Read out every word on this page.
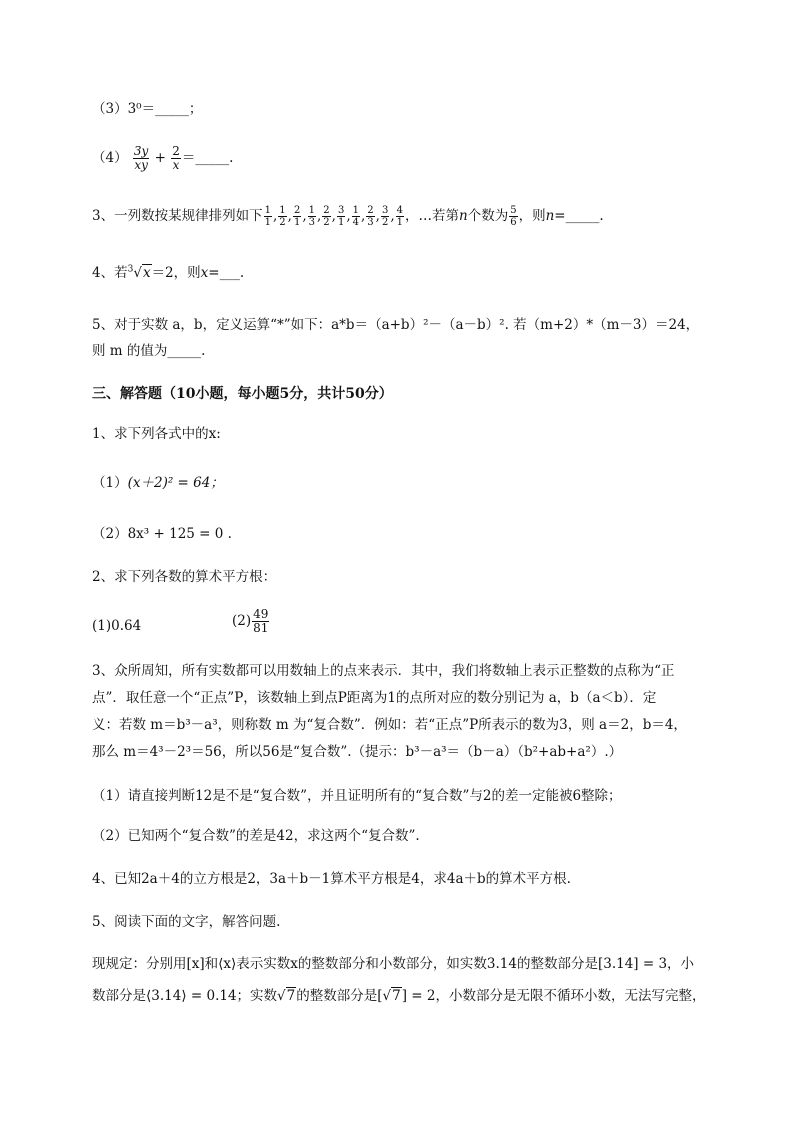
（3）3⁰＝_____；
$(4) \frac{3y}{xy} + \frac{2}{x}$ ＝_____.
3、一列数按某规律排列如下 $\frac{1}{1}$ , $\frac{1}{2}$ , $\frac{2}{1}$ , $\frac{1}{3}$ , $\frac{2}{2}$ , $\frac{3}{1}$ , $\frac{1}{4}$ , $\frac{2}{3}$ , $\frac{3}{2}$ , $\frac{4}{1}$ ，…若第n个数为 $\frac{5}{6}$ ，则n=_____.
4、若$^3$√x＝2，则x=___.
5、对于实数 a，b，定义运算“*”如下：a*b＝（a+b）²－（a－b）². 若（m+2）*（m－3）＝24，
则 m 的值为_____.
三、解答题（10小题，每小题5分，共计50分）
1、求下列各式中的x:
（1）(x＋2)² = 64；
（2）8x³ + 125 = 0 .
2、求下列各数的算术平方根：
(1)0.64	$(2) \frac{49}{81}$
3、众所周知，所有实数都可以用数轴上的点来表示．其中，我们将数轴上表示正整数的点称为“正
点”．取任意一个“正点”P，该数轴上到点P距离为1的点所对应的数分别记为 a，b（a＜b）．定
义：若数 m＝b³－a³，则称数 m 为“复合数”．例如：若“正点”P所表示的数为3，则 a＝2，b＝4，
那么 m＝4³－2³＝56，所以56是“复合数”.（提示：b³－a³＝（b－a）（b²+ab+a²）.）
（1）请直接判断12是不是“复合数”，并且证明所有的“复合数”与2的差一定能被6整除；
（2）已知两个“复合数”的差是42，求这两个“复合数”.
4、已知2a＋4的立方根是2，3a＋b－1算术平方根是4，求4a＋b的算术平方根.
5、阅读下面的文字，解答问题.
现规定：分别用[x]和⟨x⟩表示实数x的整数部分和小数部分，如实数3.14的整数部分是[3.14] = 3，小
数部分是⟨3.14⟩ = 0.14；实数√7的整数部分是[√7] = 2，小数部分是无限不循环小数，无法写完整，
